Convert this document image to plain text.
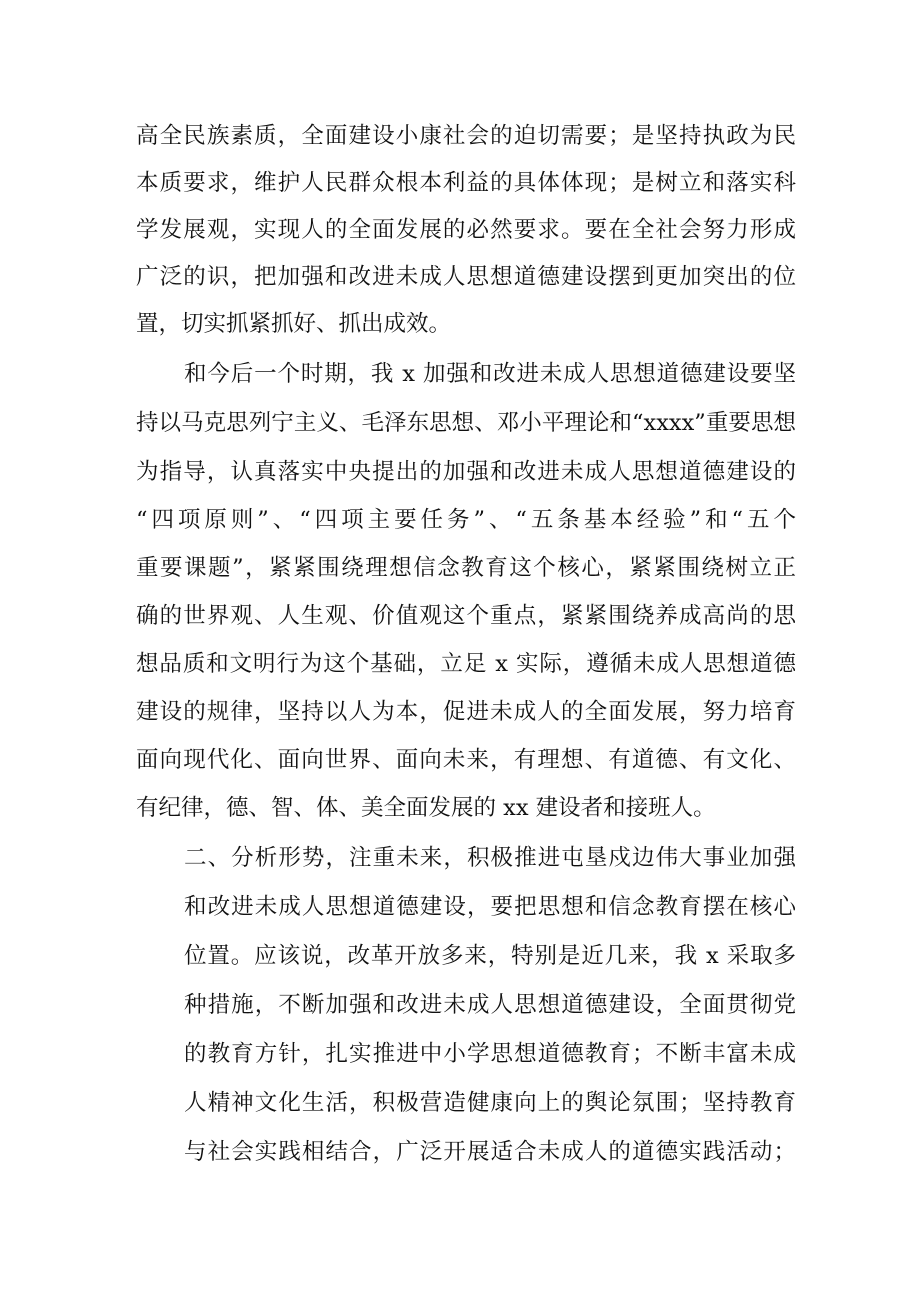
高全民族素质，全面建设小康社会的迫切需要；是坚持执政为民
本质要求，维护人民群众根本利益的具体体现；是树立和落实科
学发展观，实现人的全面发展的必然要求。要在全社会努力形成
广泛的识，把加强和改进未成人思想道德建设摆到更加突出的位
置，切实抓紧抓好、抓出成效。
和今后一个时期，我 x 加强和改进未成人思想道德建设要坚
持以马克思列宁主义、毛泽东思想、邓小平理论和“xxxx”重要思想
为指导，认真落实中央提出的加强和改进未成人思想道德建设的
“四项原则”、“四项主要任务”、“五条基本经验”和“五个
重要课题”，紧紧围绕理想信念教育这个核心，紧紧围绕树立正
确的世界观、人生观、价值观这个重点，紧紧围绕养成高尚的思
想品质和文明行为这个基础，立足 x 实际，遵循未成人思想道德
建设的规律，坚持以人为本，促进未成人的全面发展，努力培育
面向现代化、面向世界、面向未来，有理想、有道德、有文化、
有纪律，德、智、体、美全面发展的 xx 建设者和接班人。
二、分析形势，注重未来，积极推进屯垦戍边伟大事业加强
和改进未成人思想道德建设，要把思想和信念教育摆在核心
位置。应该说，改革开放多来，特别是近几来，我 x 采取多
种措施，不断加强和改进未成人思想道德建设，全面贯彻党
的教育方针，扎实推进中小学思想道德教育；不断丰富未成
人精神文化生活，积极营造健康向上的舆论氛围；坚持教育
与社会实践相结合，广泛开展适合未成人的道德实践活动；
